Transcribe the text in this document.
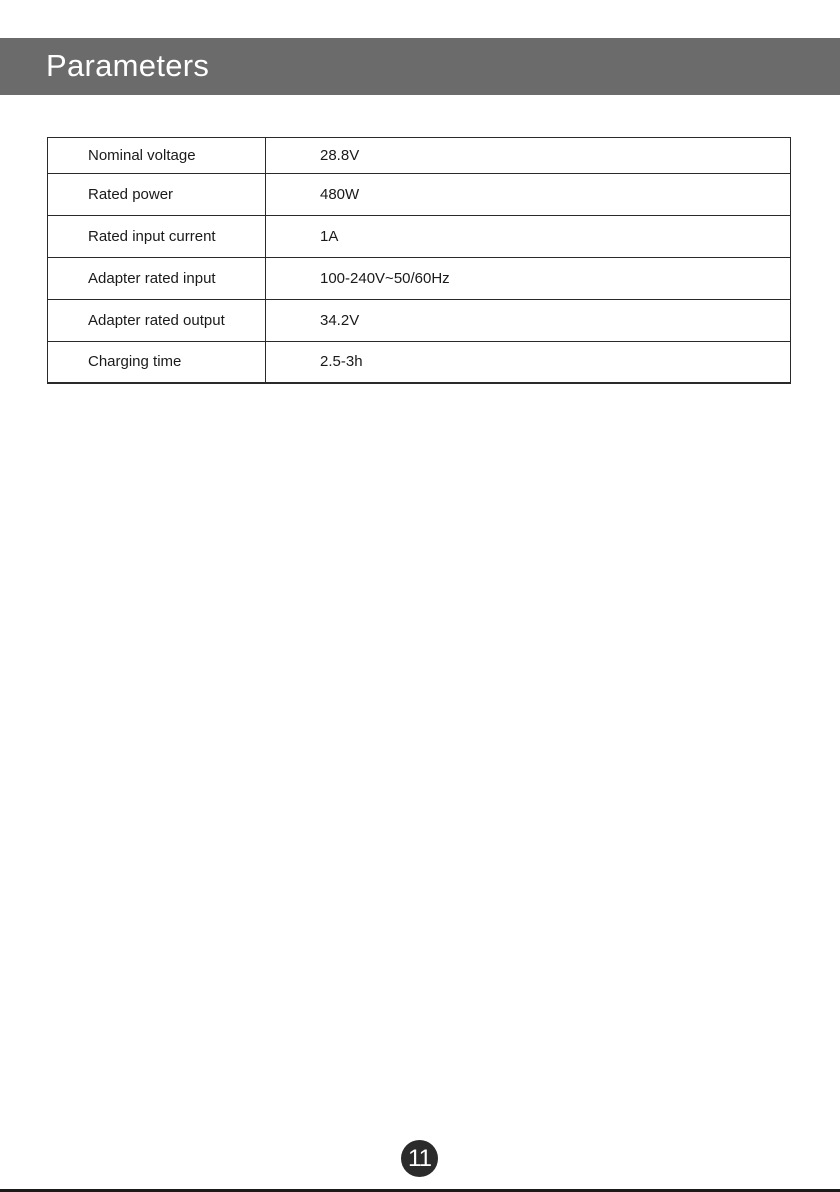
Parameters
Nominal voltage	28.8V
Rated power	480W
Rated input current	1A
Adapter rated input	100-240V~50/60Hz
Adapter rated output	34.2V
Charging time	2.5-3h
11
